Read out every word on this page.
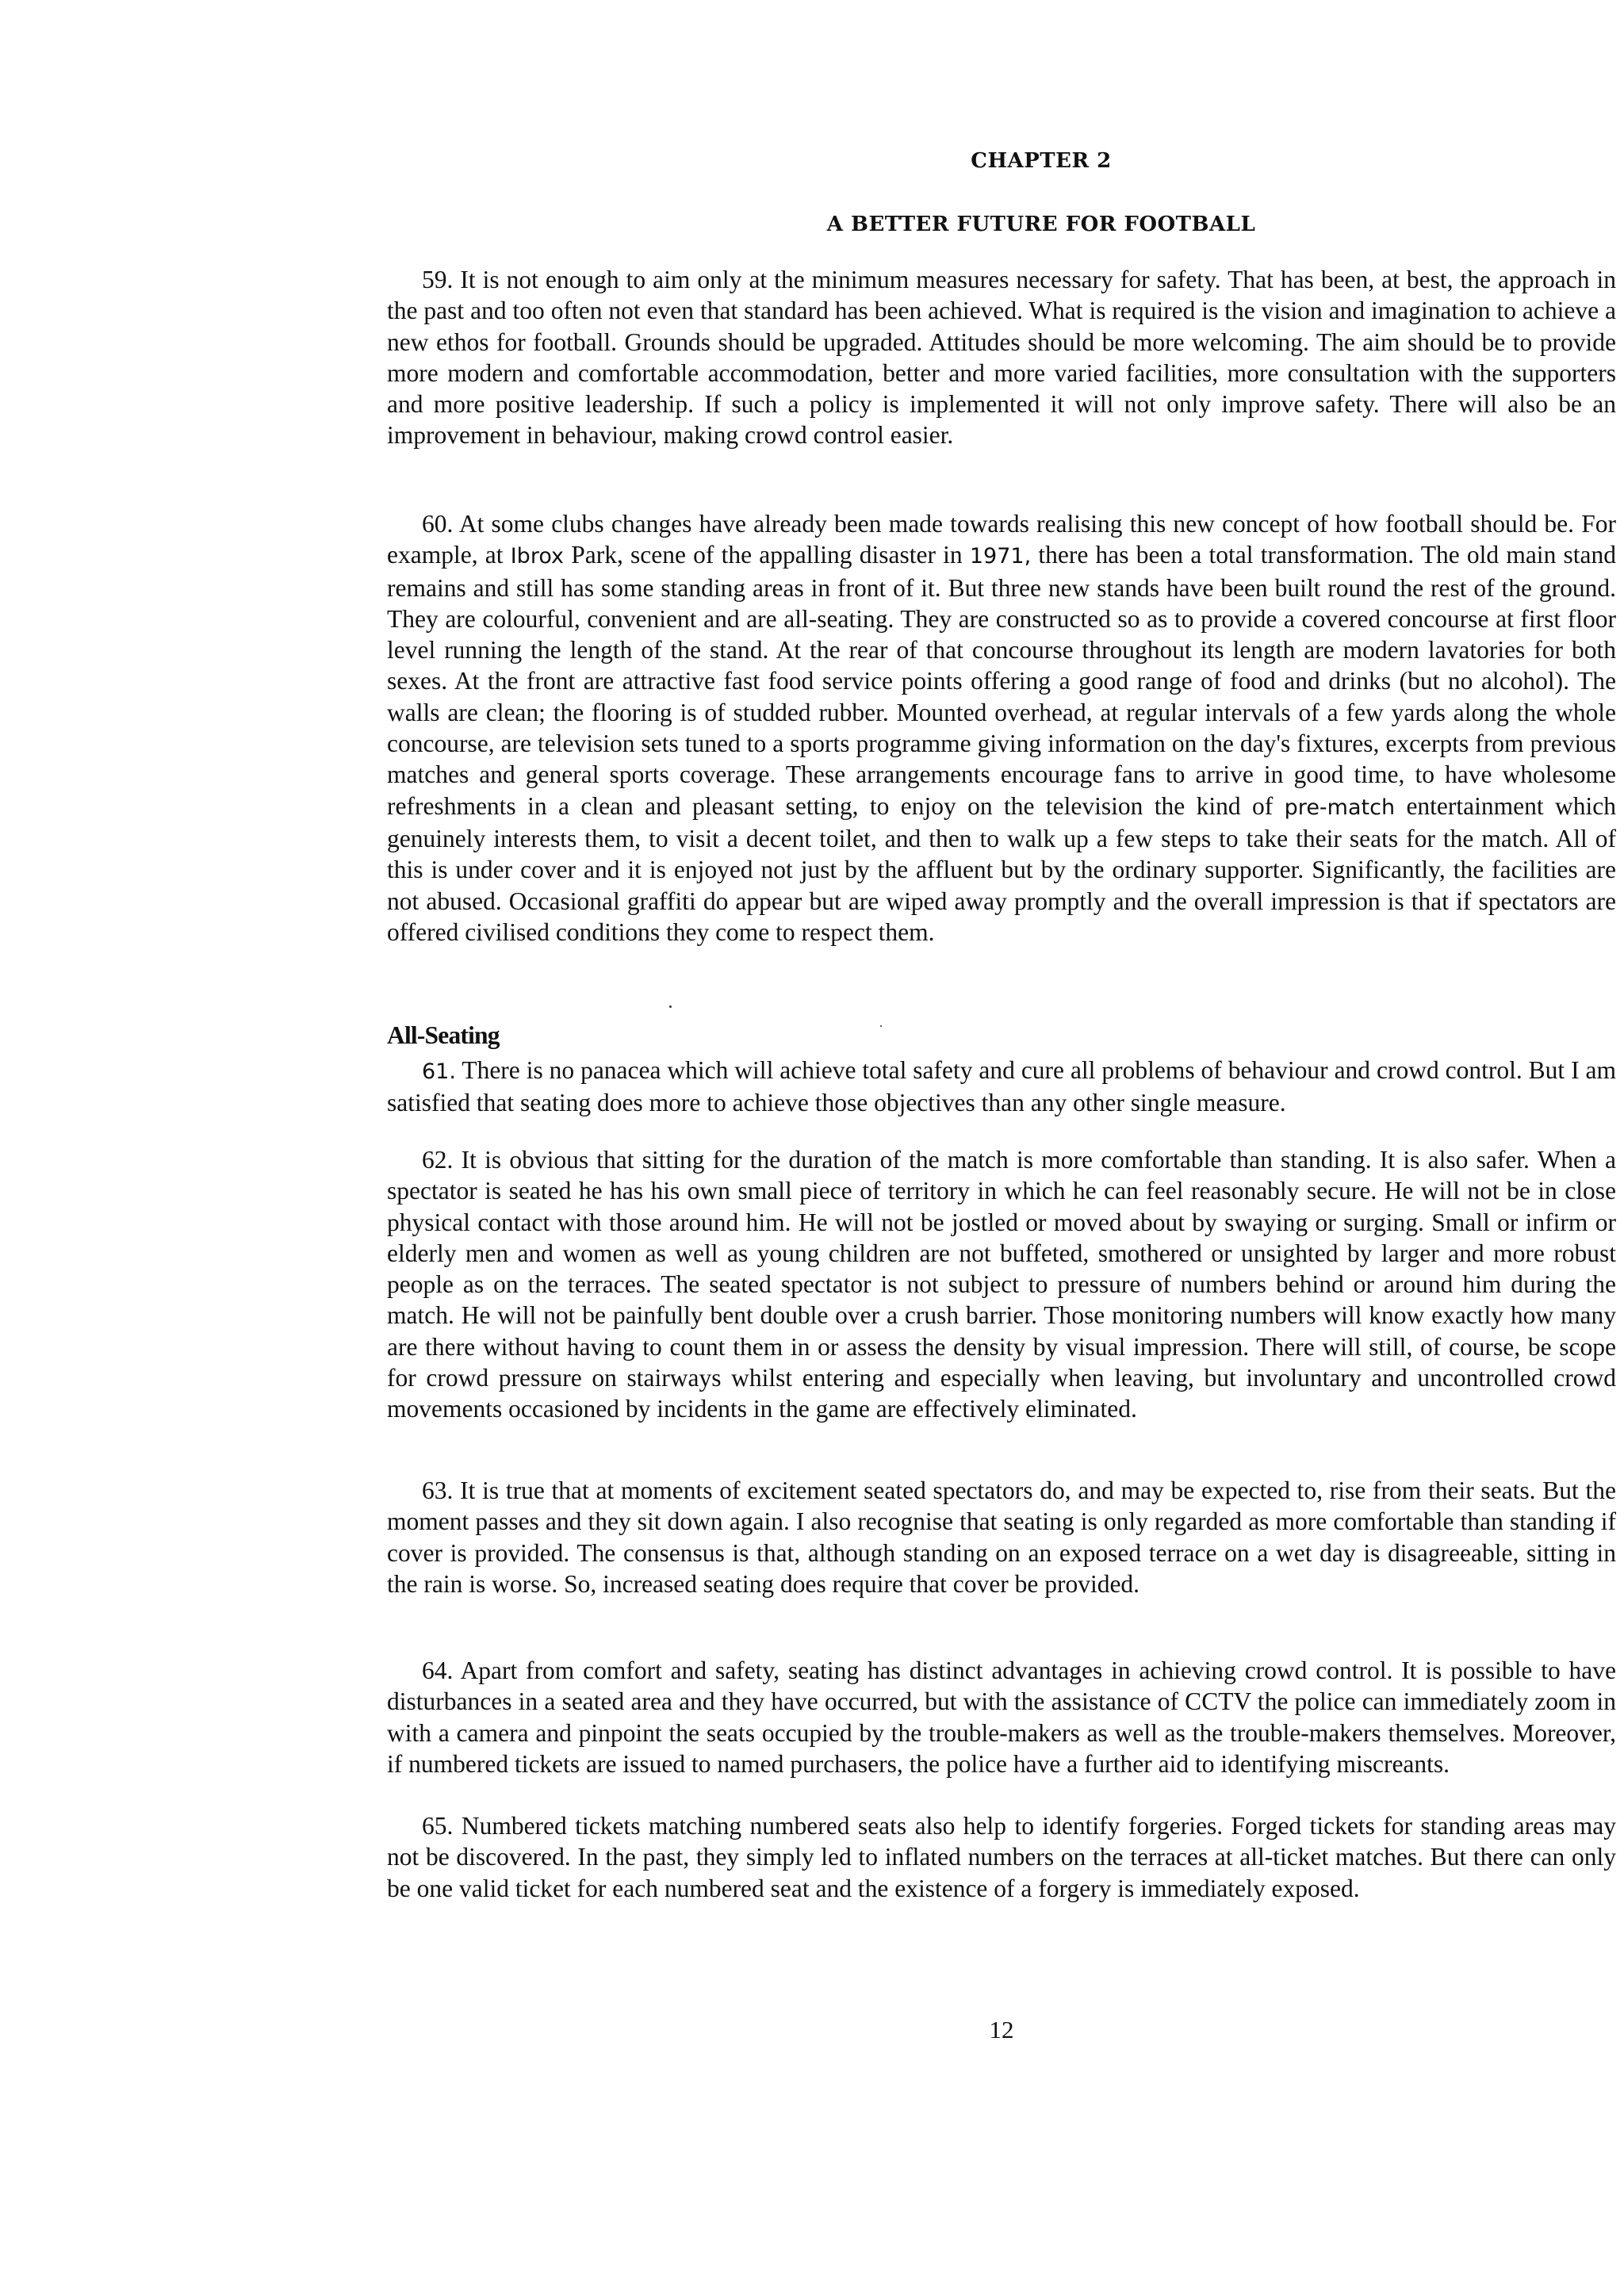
CHAPTER 2
A BETTER FUTURE FOR FOOTBALL

59. It is not enough to aim only at the minimum measures necessary for safety. That has been, at best, the approach in the past and too often not even that standard has been achieved. What is required is the vision and imagination to achieve a new ethos for football. Grounds should be upgraded. Attitudes should be more welcoming. The aim should be to provide more modern and comfortable accommodation, better and more varied facilities, more consultation with the supporters and more positive leadership. If such a policy is implemented it will not only improve safety. There will also be an improvement in behaviour, making crowd control easier.

60. At some clubs changes have already been made towards realising this new concept of how football should be. For example, at Ibrox Park, scene of the appalling disaster in 1971, there has been a total transformation. The old main stand remains and still has some standing areas in front of it. But three new stands have been built round the rest of the ground. They are colourful, convenient and are all-seating. They are constructed so as to provide a covered concourse at first floor level running the length of the stand. At the rear of that concourse throughout its length are modern lavatories for both sexes. At the front are attractive fast food service points offering a good range of food and drinks (but no alcohol). The walls are clean; the flooring is of studded rubber. Mounted overhead, at regular intervals of a few yards along the whole concourse, are television sets tuned to a sports programme giving information on the day's fixtures, excerpts from previous matches and general sports coverage. These arrangements encourage fans to arrive in good time, to have wholesome refreshments in a clean and pleasant setting, to enjoy on the television the kind of pre-match entertainment which genuinely interests them, to visit a decent toilet, and then to walk up a few steps to take their seats for the match. All of this is under cover and it is enjoyed not just by the affluent but by the ordinary supporter. Significantly, the facilities are not abused. Occasional graffiti do appear but are wiped away promptly and the overall impression is that if spectators are offered civilised conditions they come to respect them.

All-Seating

61. There is no panacea which will achieve total safety and cure all problems of behaviour and crowd control. But I am satisfied that seating does more to achieve those objectives than any other single measure.

62. It is obvious that sitting for the duration of the match is more comfortable than standing. It is also safer. When a spectator is seated he has his own small piece of territory in which he can feel reasonably secure. He will not be in close physical contact with those around him. He will not be jostled or moved about by swaying or surging. Small or infirm or elderly men and women as well as young children are not buffeted, smothered or unsighted by larger and more robust people as on the terraces. The seated spectator is not subject to pressure of numbers behind or around him during the match. He will not be painfully bent double over a crush barrier. Those monitoring numbers will know exactly how many are there without having to count them in or assess the density by visual impression. There will still, of course, be scope for crowd pressure on stairways whilst entering and especially when leaving, but involuntary and uncontrolled crowd movements occasioned by incidents in the game are effectively eliminated.

63. It is true that at moments of excitement seated spectators do, and may be expected to, rise from their seats. But the moment passes and they sit down again. I also recognise that seating is only regarded as more comfortable than standing if cover is provided. The consensus is that, although standing on an exposed terrace on a wet day is disagreeable, sitting in the rain is worse. So, increased seating does require that cover be provided.

64. Apart from comfort and safety, seating has distinct advantages in achieving crowd control. It is possible to have disturbances in a seated area and they have occurred, but with the assistance of CCTV the police can immediately zoom in with a camera and pinpoint the seats occupied by the trouble-makers as well as the trouble-makers themselves. Moreover, if numbered tickets are issued to named purchasers, the police have a further aid to identifying miscreants.

65. Numbered tickets matching numbered seats also help to identify forgeries. Forged tickets for standing areas may not be discovered. In the past, they simply led to inflated numbers on the terraces at all-ticket matches. But there can only be one valid ticket for each numbered seat and the existence of a forgery is immediately exposed.

12
